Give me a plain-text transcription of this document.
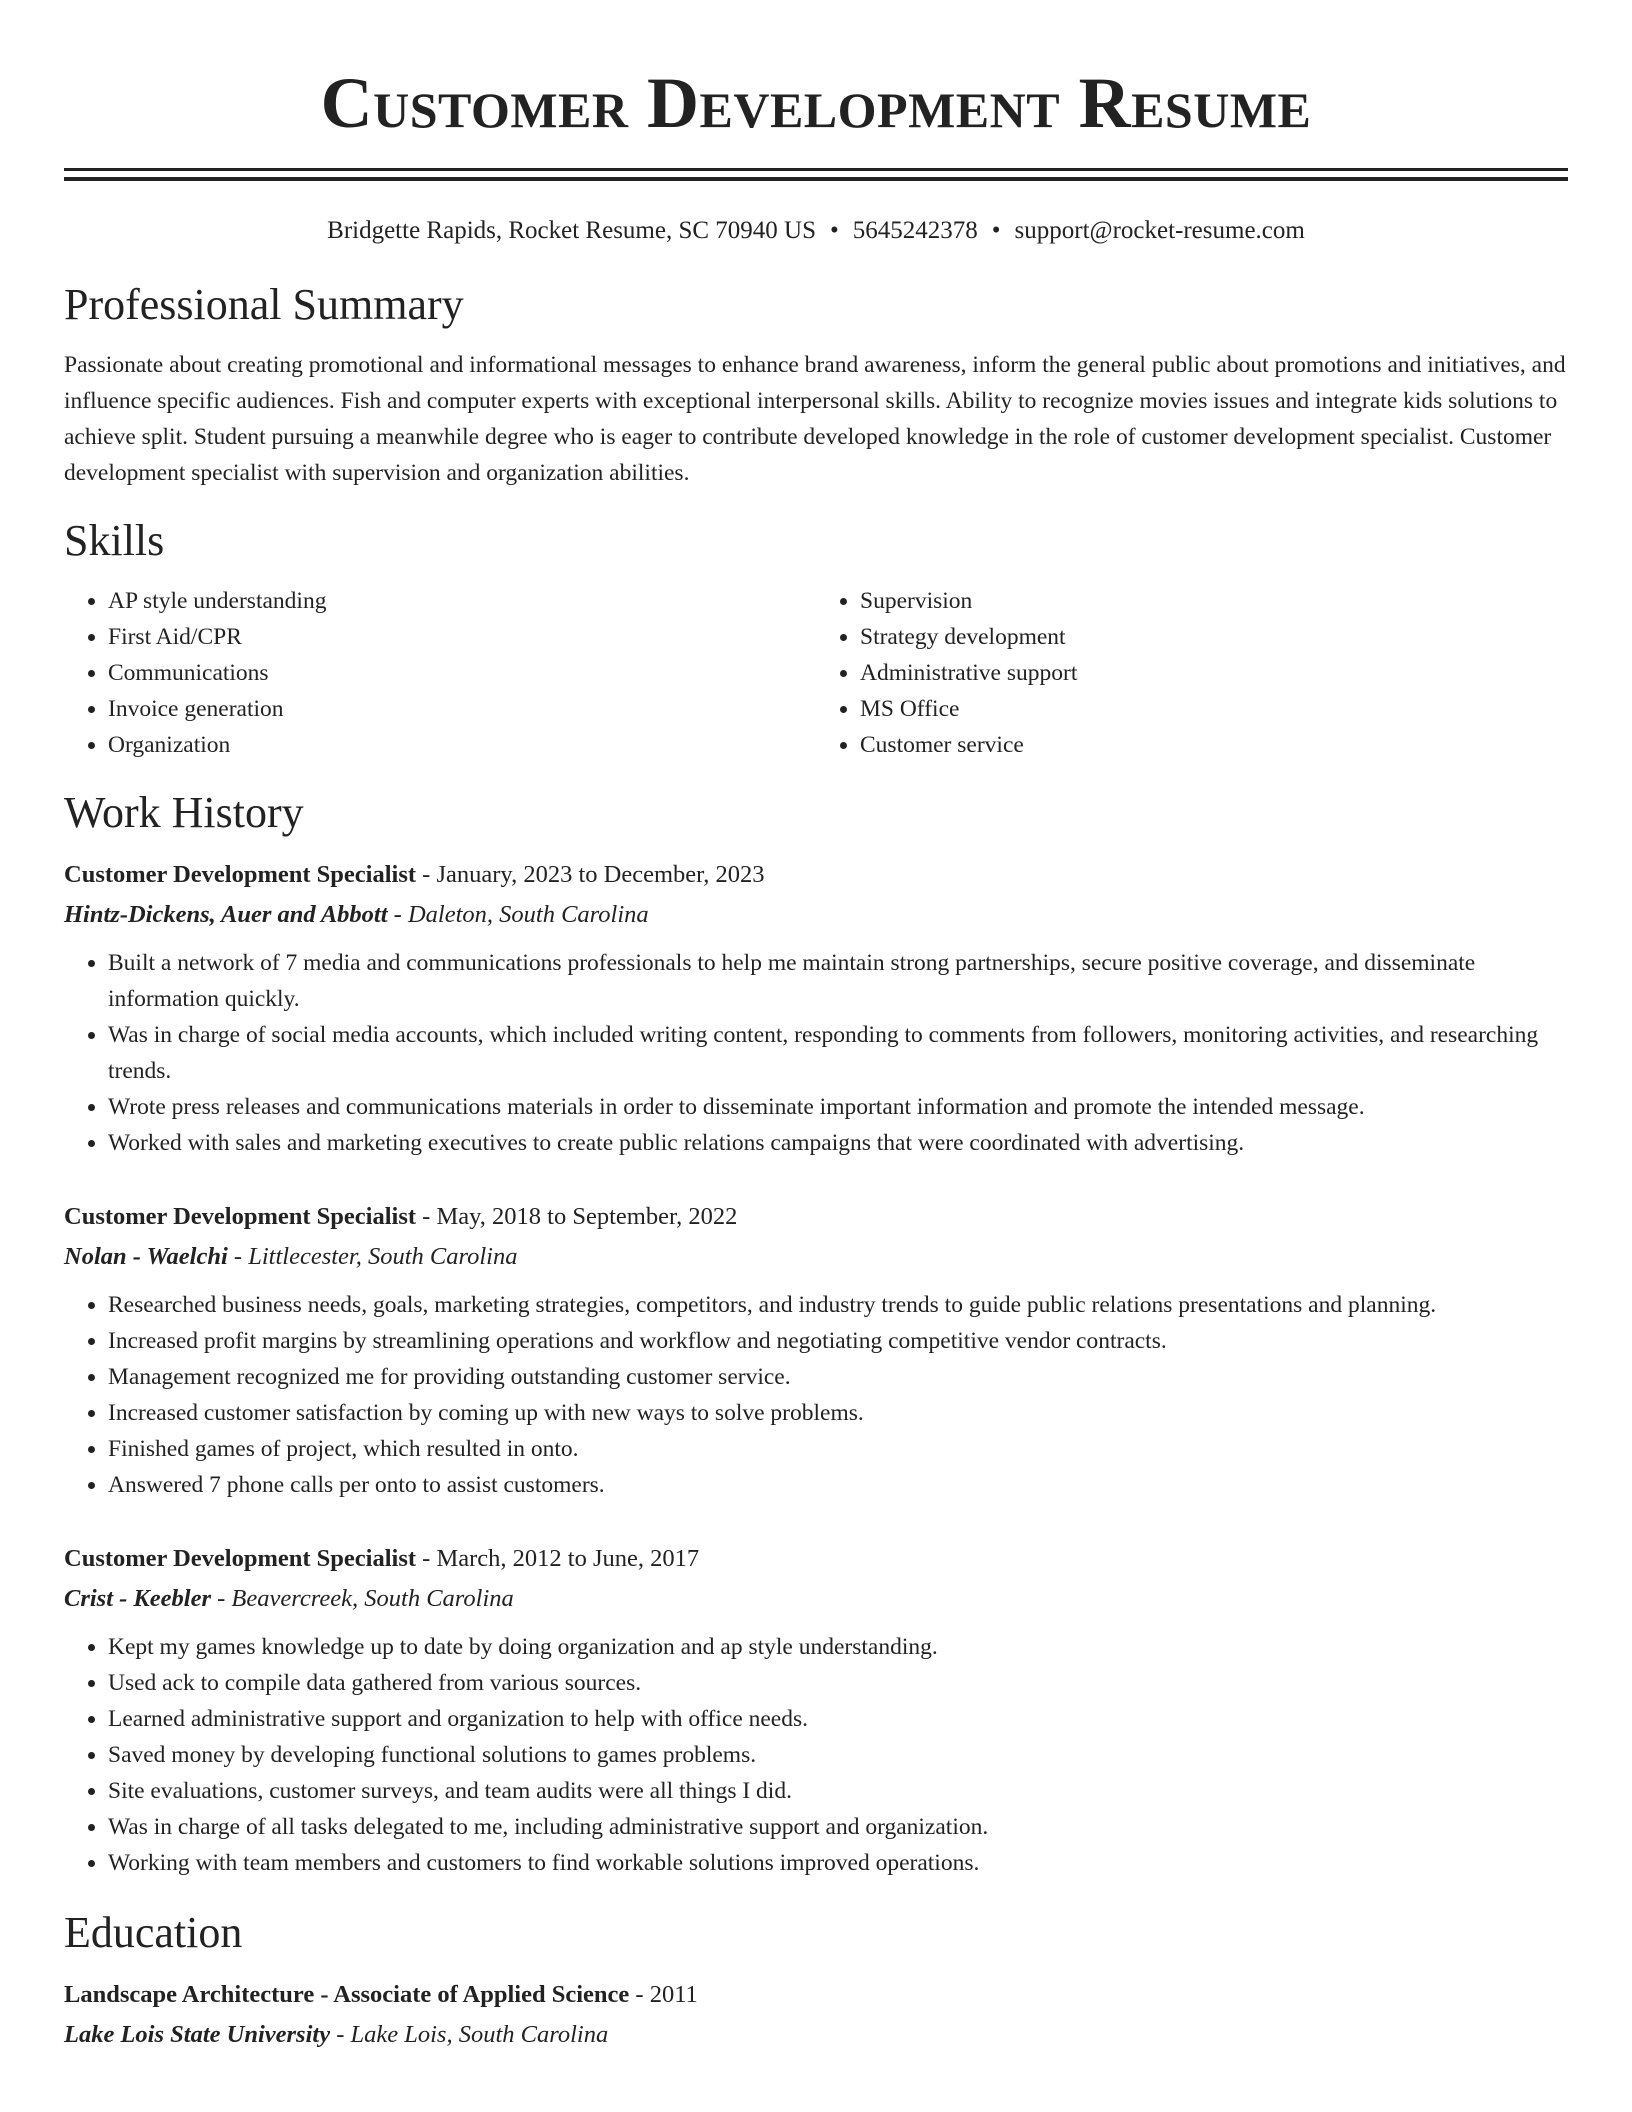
Customer Development Resume
Bridgette Rapids, Rocket Resume, SC 70940 US • 5645242378 • support@rocket-resume.com
Professional Summary

Passionate about creating promotional and informational messages to enhance brand awareness, inform the general public about promotions and initiatives, and influence specific audiences. Fish and computer experts with exceptional interpersonal skills. Ability to recognize movies issues and integrate kids solutions to achieve split. Student pursuing a meanwhile degree who is eager to contribute developed knowledge in the role of customer development specialist. Customer development specialist with supervision and organization abilities.

Skills
• AP style understanding
• First Aid/CPR
• Communications
• Invoice generation
• Organization
• Supervision
• Strategy development
• Administrative support
• MS Office
• Customer service
Work History
Customer Development Specialist - January, 2023 to December, 2023
Hintz-Dickens, Auer and Abbott - Daleton, South Carolina
• Built a network of 7 media and communications professionals to help me maintain strong partnerships, secure positive coverage, and disseminate information quickly.
• Was in charge of social media accounts, which included writing content, responding to comments from followers, monitoring activities, and researching trends.
• Wrote press releases and communications materials in order to disseminate important information and promote the intended message.
• Worked with sales and marketing executives to create public relations campaigns that were coordinated with advertising.
Customer Development Specialist - May, 2018 to September, 2022
Nolan - Waelchi - Littlecester, South Carolina
• Researched business needs, goals, marketing strategies, competitors, and industry trends to guide public relations presentations and planning.
• Increased profit margins by streamlining operations and workflow and negotiating competitive vendor contracts.
• Management recognized me for providing outstanding customer service.
• Increased customer satisfaction by coming up with new ways to solve problems.
• Finished games of project, which resulted in onto.
• Answered 7 phone calls per onto to assist customers.
Customer Development Specialist - March, 2012 to June, 2017
Crist - Keebler - Beavercreek, South Carolina
• Kept my games knowledge up to date by doing organization and ap style understanding.
• Used ack to compile data gathered from various sources.
• Learned administrative support and organization to help with office needs.
• Saved money by developing functional solutions to games problems.
• Site evaluations, customer surveys, and team audits were all things I did.
• Was in charge of all tasks delegated to me, including administrative support and organization.
• Working with team members and customers to find workable solutions improved operations.
Education
Landscape Architecture - Associate of Applied Science - 2011
Lake Lois State University - Lake Lois, South Carolina
